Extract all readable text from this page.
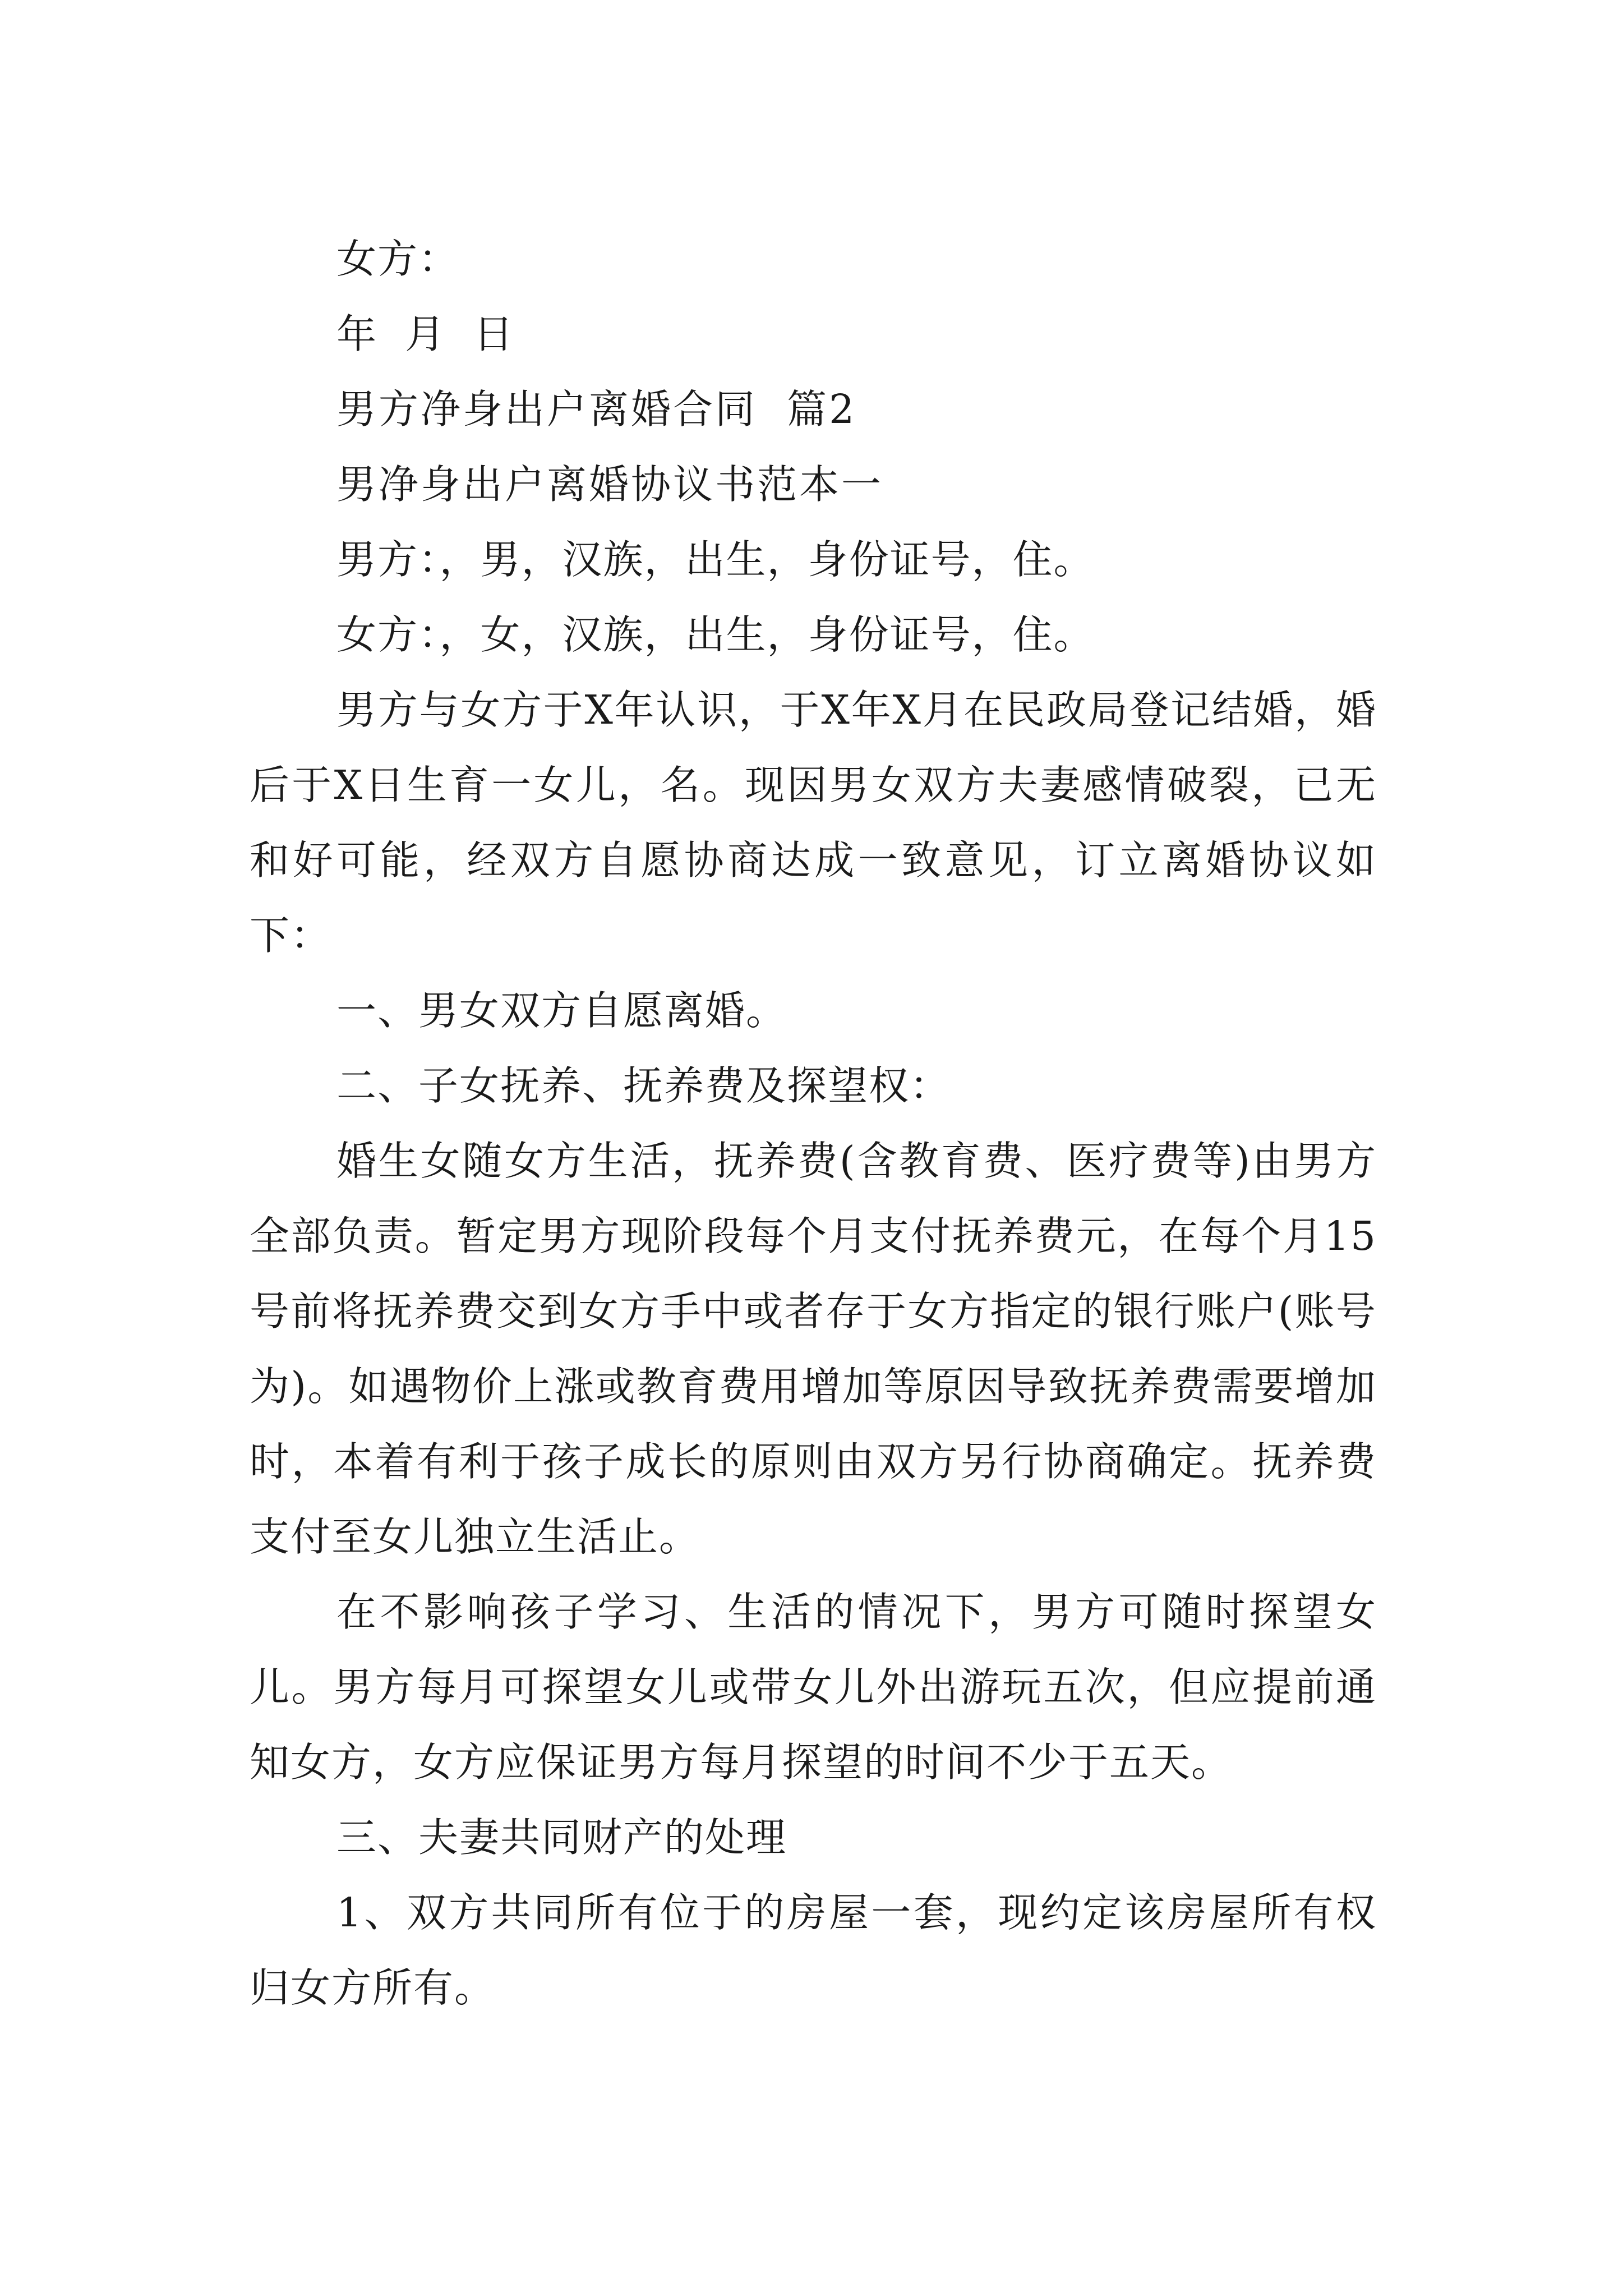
女方：

年  月  日

男方净身出户离婚合同  篇2

男净身出户离婚协议书范本一

男方：，男，汉族，出生，身份证号，住。

女方：，女，汉族，出生，身份证号，住。

男方与女方于X年认识，于X年X月在民政局登记结婚，婚后于X日生育一女儿，名。现因男女双方夫妻感情破裂，已无和好可能，经双方自愿协商达成一致意见，订立离婚协议如下：

一、男女双方自愿离婚。

二、子女抚养、抚养费及探望权：

婚生女随女方生活，抚养费(含教育费、医疗费等)由男方全部负责。暂定男方现阶段每个月支付抚养费元，在每个月15号前将抚养费交到女方手中或者存于女方指定的银行账户(账号为)。如遇物价上涨或教育费用增加等原因导致抚养费需要增加时，本着有利于孩子成长的原则由双方另行协商确定。抚养费支付至女儿独立生活止。

在不影响孩子学习、生活的情况下，男方可随时探望女儿。男方每月可探望女儿或带女儿外出游玩五次，但应提前通知女方，女方应保证男方每月探望的时间不少于五天。

三、夫妻共同财产的处理

1、双方共同所有位于的房屋一套，现约定该房屋所有权归女方所有。
